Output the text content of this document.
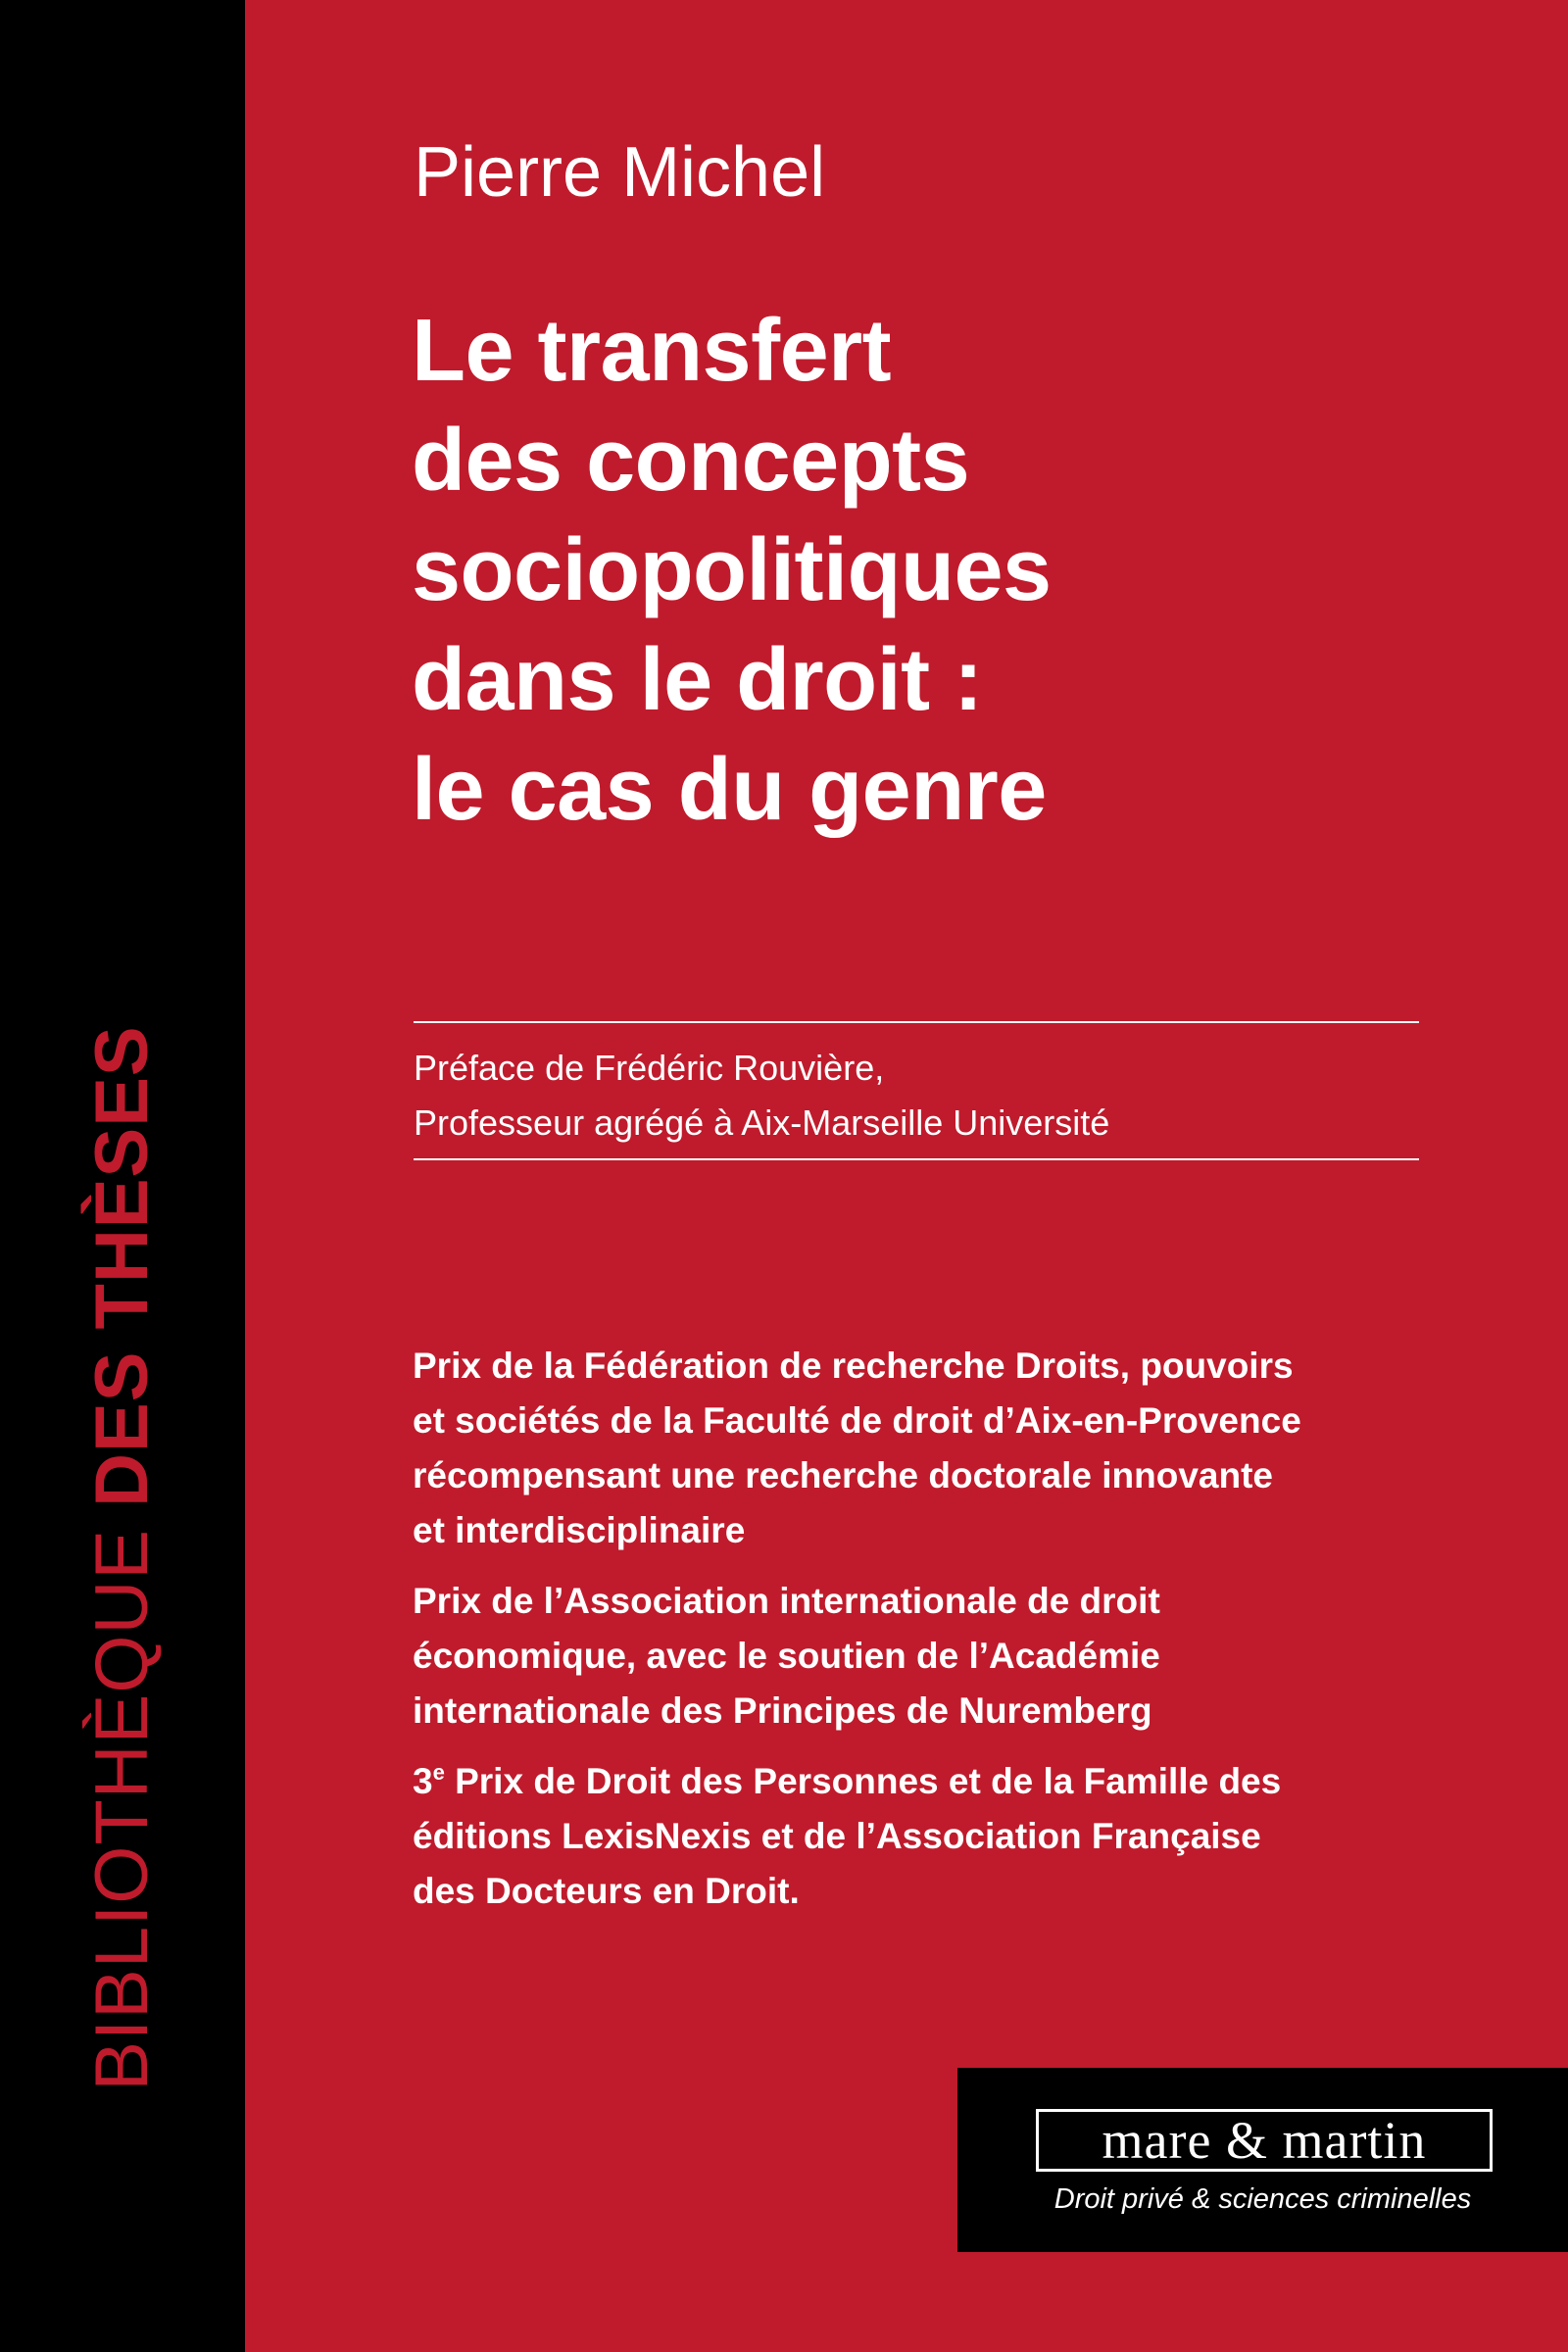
BIBLIOTHÈQUE DES THÈSES
Pierre Michel
Le transfert
des concepts
sociopolitiques
dans le droit :
le cas du genre
Préface de Frédéric Rouvière,
Professeur agrégé à Aix-Marseille Université
Prix de la Fédération de recherche Droits, pouvoirs
et sociétés de la Faculté de droit d’Aix-en-Provence
récompensant une recherche doctorale innovante
et interdisciplinaire
Prix de l’Association internationale de droit
économique, avec le soutien de l’Académie
internationale des Principes de Nuremberg
3e Prix de Droit des Personnes et de la Famille des
éditions LexisNexis et de l’Association Française
des Docteurs en Droit.
mare & martin
Droit privé & sciences criminelles
